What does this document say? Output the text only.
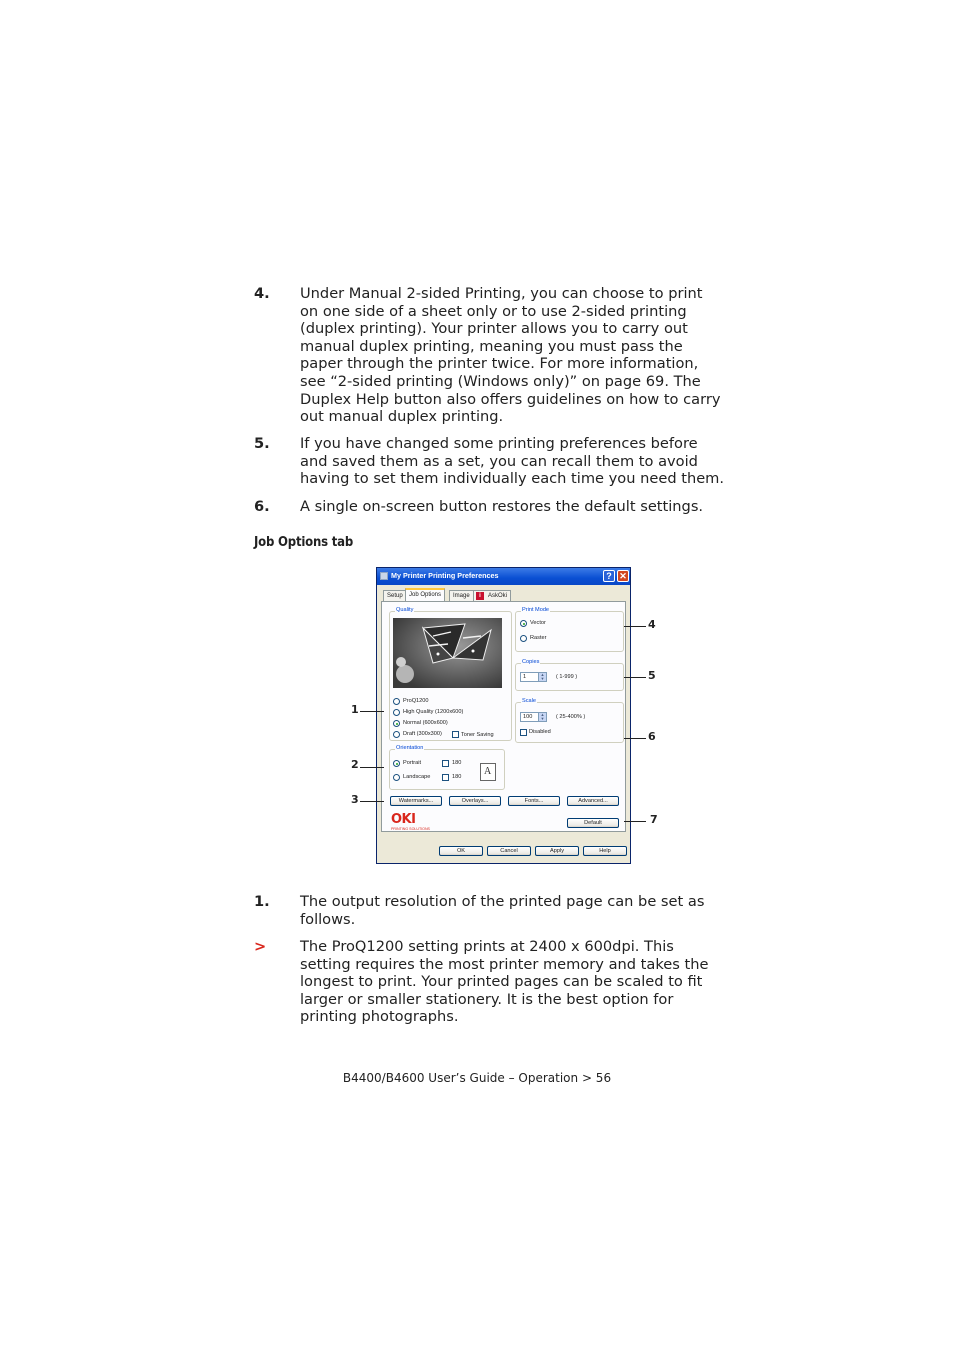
4. Under Manual 2-sided Printing, you can choose to print on one side of a sheet only or to use 2-sided printing (duplex printing). Your printer allows you to carry out manual duplex printing, meaning you must pass the paper through the printer twice. For more information, see “2-sided printing (Windows only)” on page 69. The Duplex Help button also offers guidelines on how to carry out manual duplex printing.
5. If you have changed some printing preferences before and saved them as a set, you can recall them to avoid having to set them individually each time you need them.
6. A single on-screen button restores the default settings.
Job Options tab
My Printer Printing Preferences	? ✕
Setup	Job Options	Image	i	AskOki
Quality
ProQ1200
High Quality (1200x600)
Normal (600x600)
Draft (300x300)	Toner Saving
Print Mode
Vector
Raster
Copies
1	▲
▼ ( 1-999 )
Scale
100	▲
▼ ( 25-400% )
Disabled
Orientation
Portrait
Landscape
180
180 A
Watermarks...	Overlays...	Fonts...	Advanced...
OKI
PRINTING SOLUTIONS
Default
OK	Cancel	Apply	Help
1
2
3
4
5
6
7
1. The output resolution of the printed page can be set as follows.
> The ProQ1200 setting prints at 2400 x 600dpi. This setting requires the most printer memory and takes the longest to print. Your printed pages can be scaled to fit larger or smaller stationery. It is the best option for printing photographs.
B4400/B4600 User’s Guide – Operation > 56
